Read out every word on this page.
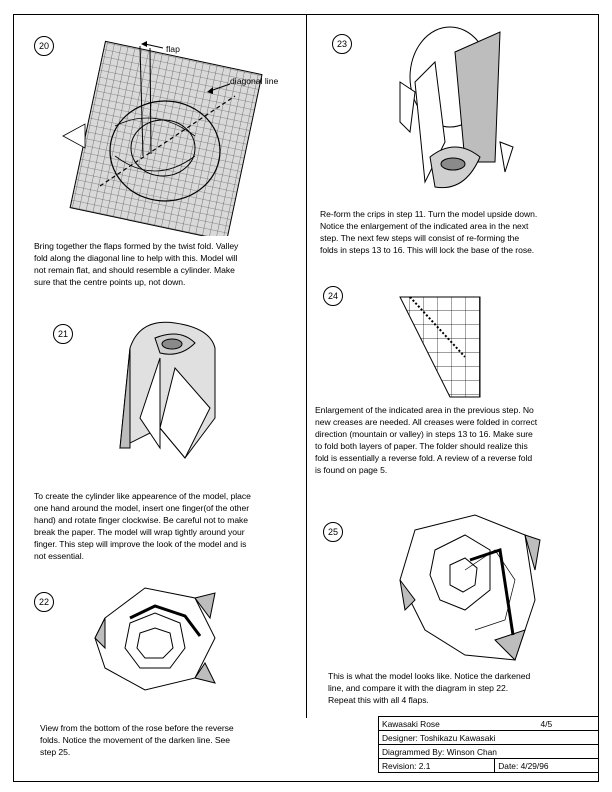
20	flap
diagonal line

Bring together the flaps formed by the twist fold. Valley

fold along the diagonal line to help with this. Model will

not remain flat, and should resemble a cylinder. Make

sure that the centre points up, not down.

21

To create the cylinder like appearence of the model, place

one hand around the model, insert one finger(of the other

hand) and rotate finger clockwise. Be careful not to make

break the paper. The model will wrap tightly around your

finger. This step will improve the look of the model and is

not essential.

22

View from the bottom of the rose before the reverse

folds. Notice the movement of the darken line. See

step 25.

23

Re-form the crips in step 11. Turn the model upside down.

Notice the enlargement of the indicated area in the next

step. The next few steps will consist of re-forming the

folds in steps 13 to 16. This will lock the base of the rose.

24

Enlargement of the indicated area in the previous step. No

new creases are needed. All creases were folded in correct

direction (mountain or valley) in steps 13 to 16. Make sure

to fold both layers of paper. The folder should realize this

fold is essentially a reverse fold. A review of a reverse fold

is found on page 5.

25

This is what the model looks like. Notice the darkened

line, and compare it with the diagram in step 22.

Repeat this with all 4 flaps.

Kawasaki Rose	4/5
Designer: Toshikazu Kawasaki	
Diagrammed By: Winson Chan	
Revision: 2.1	Date: 4/29/96
